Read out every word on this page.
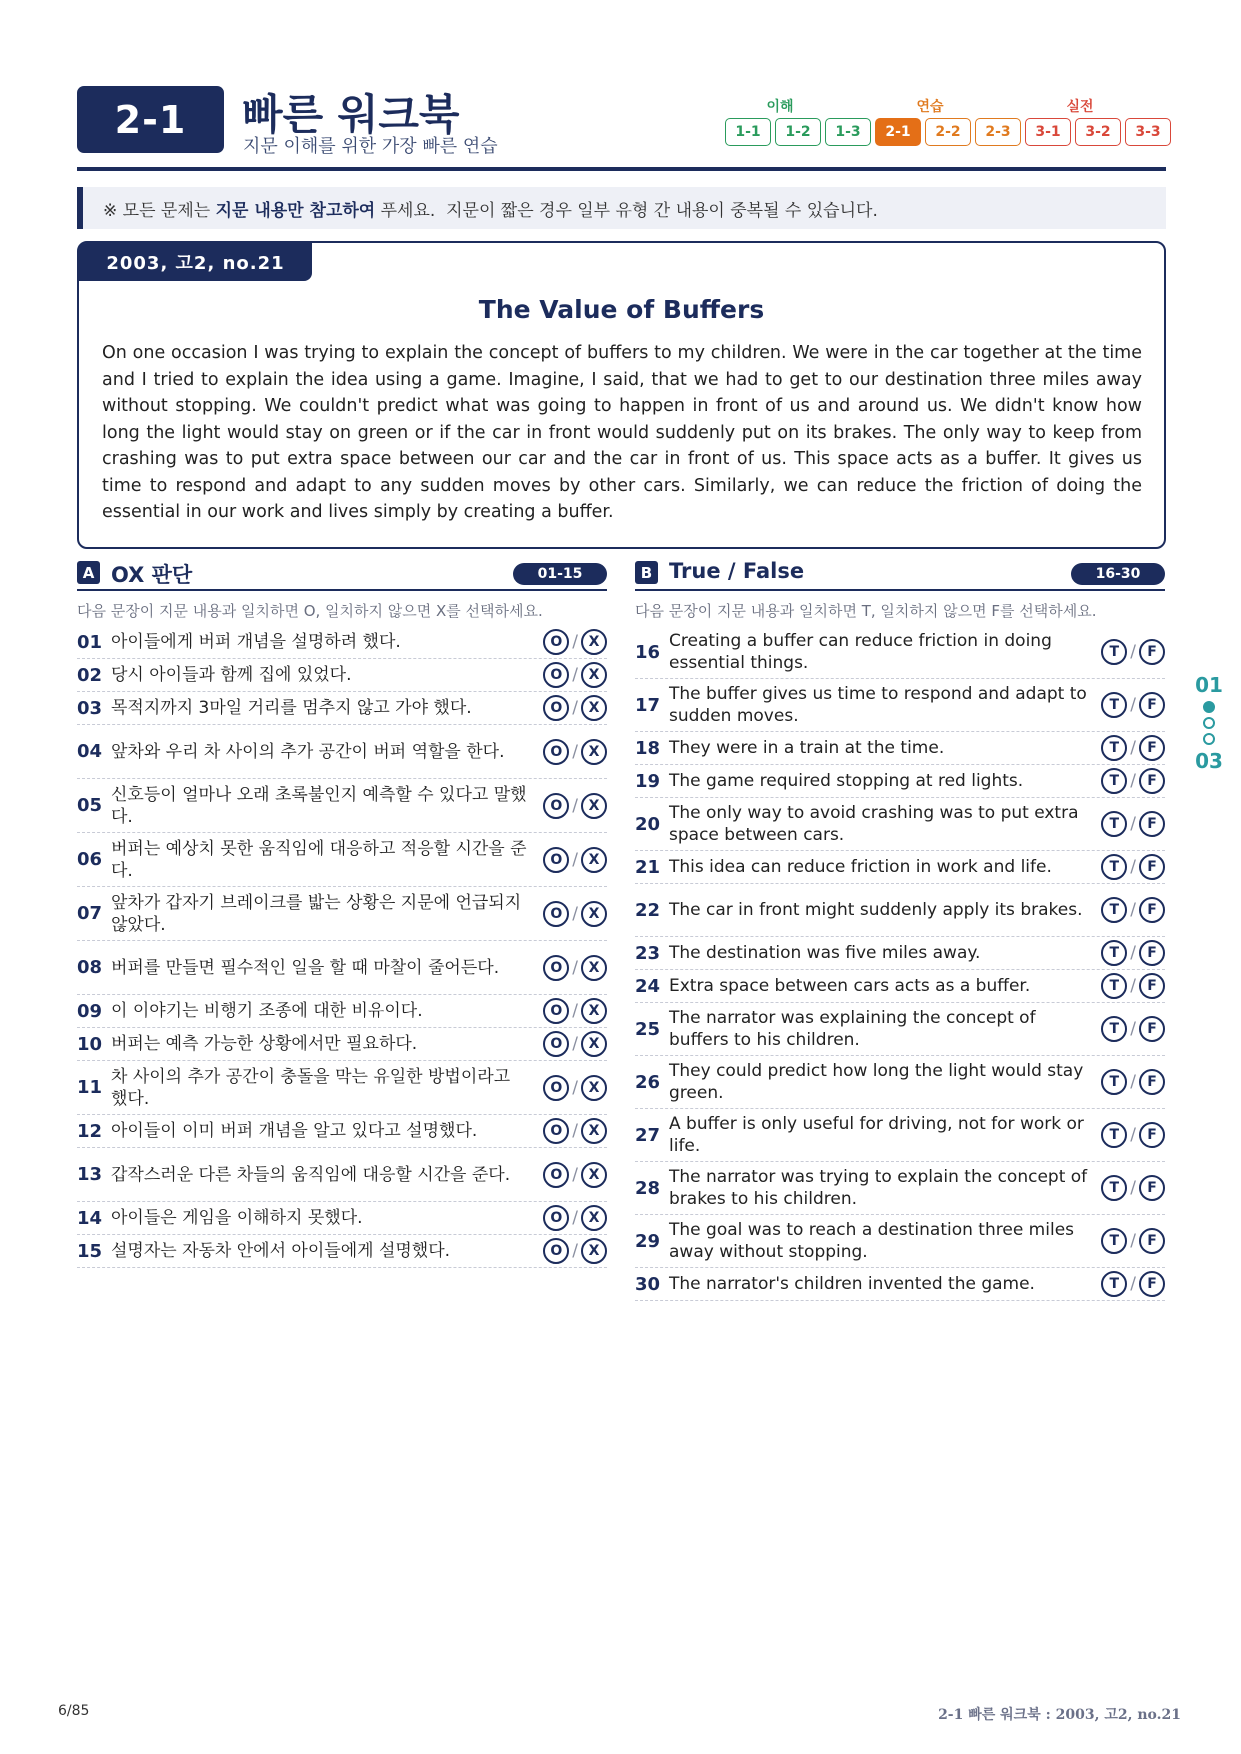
2-1	빠른 워크북
지문 이해를 위한 가장 빠른 연습
이해	연습	실전
1-1	1-2	1-3	2-1	2-2	2-3	3-1	3-2	3-3
※ 모든 문제는 지문 내용만 참고하여 푸세요.  지문이 짧은 경우 일부 유형 간 내용이 중복될 수 있습니다.
2003, 고2, no.21
The Value of Buffers
On one occasion I was trying to explain the concept of buffers to my children. We were in the car together at the time and I tried to explain the idea using a game. Imagine, I said, that we had to get to our destination three miles away without stopping. We couldn't predict what was going to happen in front of us and around us. We didn't know how long the light would stay on green or if the car in front would suddenly put on its brakes. The only way to keep from crashing was to put extra space between our car and the car in front of us. This space acts as a buffer. It gives us time to respond and adapt to any sudden moves by other cars. Similarly, we can reduce the friction of doing the essential in our work and lives simply by creating a buffer.
A OX 판단	01-15
다음 문장이 지문 내용과 일치하면 O, 일치하지 않으면 X를 선택하세요.
01 아이들에게 버퍼 개념을 설명하려 했다.	O / X
02 당시 아이들과 함께 집에 있었다.	O / X
03 목적지까지 3마일 거리를 멈추지 않고 가야 했다.	O / X
04 앞차와 우리 차 사이의 추가 공간이 버퍼 역할을 한다.	O / X
05
신호등이 얼마나 오래 초록불인지 예측할 수 있다고 말했다.
O / X
06
버퍼는 예상치 못한 움직임에 대응하고 적응할 시간을 준다.
O / X
07
앞차가 갑자기 브레이크를 밟는 상황은 지문에 언급되지 않았다.
O / X
08 버퍼를 만들면 필수적인 일을 할 때 마찰이 줄어든다.	O / X
09 이 이야기는 비행기 조종에 대한 비유이다.	O / X
10 버퍼는 예측 가능한 상황에서만 필요하다.	O / X
11
차 사이의 추가 공간이 충돌을 막는 유일한 방법이라고 했다.
O / X
12 아이들이 이미 버퍼 개념을 알고 있다고 설명했다.	O / X
13 갑작스러운 다른 차들의 움직임에 대응할 시간을 준다.	O / X
14 아이들은 게임을 이해하지 못했다.	O / X
15 설명자는 자동차 안에서 아이들에게 설명했다.	O / X
B True / False	16-30
다음 문장이 지문 내용과 일치하면 T, 일치하지 않으면 F를 선택하세요.
16
Creating a buffer can reduce friction in doing essential things.
T / F
17
The buffer gives us time to respond and adapt to sudden moves.
T / F
18 They were in a train at the time.	T / F
19 The game required stopping at red lights.	T / F
20
The only way to avoid crashing was to put extra space between cars.
T / F
21 This idea can reduce friction in work and life.	T / F
22 The car in front might suddenly apply its brakes.	T / F
23 The destination was five miles away.	T / F
24 Extra space between cars acts as a buffer.	T / F
25
The narrator was explaining the concept of buffers to his children.
T / F
26
They could predict how long the light would stay green.
T / F
27
A buffer is only useful for driving, not for work or life.
T / F
28
The narrator was trying to explain the concept of brakes to his children.
T / F
29
The goal was to reach a destination three miles away without stopping.
T / F
30 The narrator's children invented the game.	T / F
01
03
6/85	2-1 빠른 워크북 : 2003, 고2, no.21
